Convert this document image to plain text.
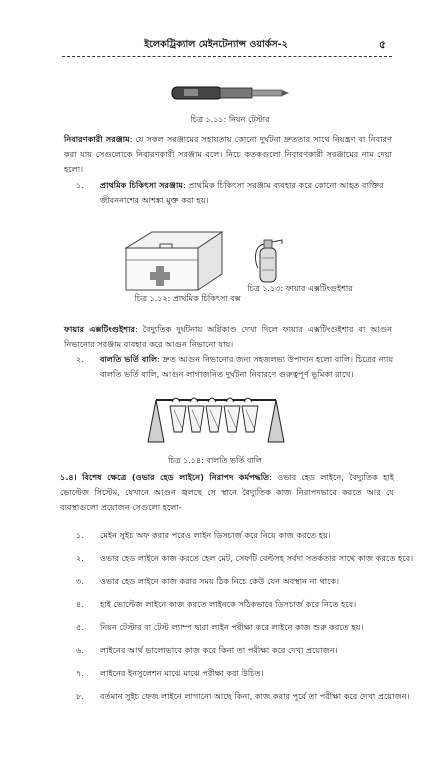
ইলেকট্রিক্যাল মেইনটেন্যান্স ওয়ার্কস-২	৫
চিত্র ১.১১: নিয়ন টেস্টার
নিবারণকারী সরঞ্জাম: যে সকল সরঞ্জামের সহায়তায় কোনো দুর্ঘটনা দ্রুততার সাথে নিয়ন্ত্রণ বা নিবারণ করা যায় সেগুলোকে নিবারণকারী সরঞ্জাম বলে। নিচে কতকগুলো নিবারণকারী সরঞ্জামের নাম দেয়া হলো।
১. প্রাথমিক চিকিৎসা সরঞ্জাম: প্রাথমিক চিকিৎসা সরঞ্জাম ব্যবহার করে কোনো আহত ব্যক্তির জীবননাশের আশঙ্কা মুক্ত করা হয়।
চিত্র ১.১২: প্রাথমিক চিকিৎসা বক্স
চিত্র ১.১৩: ফায়ার এক্সটিংগুইশার
ফায়ার এক্সটিংগুইশার: বৈদ্যুতিক দুর্ঘটনায় অগ্নিকাণ্ড দেখা দিলে ফায়ার এক্সটিংগুইশার বা আগুন নিভানোর সরঞ্জাম ব্যবহার করে আগুন নিভানো যায়।
২. বালতি ভর্তি বালি: দ্রুত আগুন নিভানোর জন্য সহজলভ্য উপাদান হলো বালি। চিত্রের ন্যায় বালতি ভর্তি বালি, আগুন লাগাজনিত দুর্ঘটনা নিবারণে গুরুত্বপূর্ণ ভূমিকা রাখে।
চিত্র ১.১৪: বালতি ভর্তি বালি
১.৪। বিশেষ ক্ষেত্রে (ওভার হেড লাইনে) নিরাপদ কর্মপদ্ধতি: ওভার হেড লাইনে, বৈদ্যুতিক হাই ভোল্টেজ সিস্টেম, যেখানে আগুন জ্বলছে সে স্থানে বৈদ্যুতিক কাজ নিরাপদভাবে করতে আর যে ব্যবস্থাগুলো প্রয়োজন সেগুলো হলো-
১.	মেইন সুইচ অফ করার পরেও লাইন ডিসচার্জ করে নিয়ে কাজ করতে হয়।
২.	ওভার হেড লাইনে কাজ করতে হেল মেট, সেফটি বেল্টসহ সর্বদা সতর্কতার সাথে কাজ করতে হবে।
৩.	ওভার হেড লাইনে কাজ করার সময় ঠিক নিচে কেউ যেন অবস্থান না থাকে।
৪.	হাই ভোল্টেজ লাইনে কাজ করতে লাইনকে সঠিকভাবে ডিসচার্জ করে নিতে হবে।
৫.	নিয়ন টেস্টার বা টেস্ট ল্যাম্প দ্বারা লাইন পরীক্ষা করে লাইনে কাজ শুরু করতে হয়।
৬.	লাইনের আর্থ ভালোভাবে কাজ করে কিনা তা পরীক্ষা করে দেখা প্রয়োজন।
৭.	লাইনের ইনসুলেশন মাঝে মাঝে পরীক্ষা করা উচিত।
৮.	বর্তমান সুইচ ফেজ লাইনে লাগানো আছে কিনা, কাজ করার পূর্বে তা পরীক্ষা করে দেখা প্রয়োজন।
